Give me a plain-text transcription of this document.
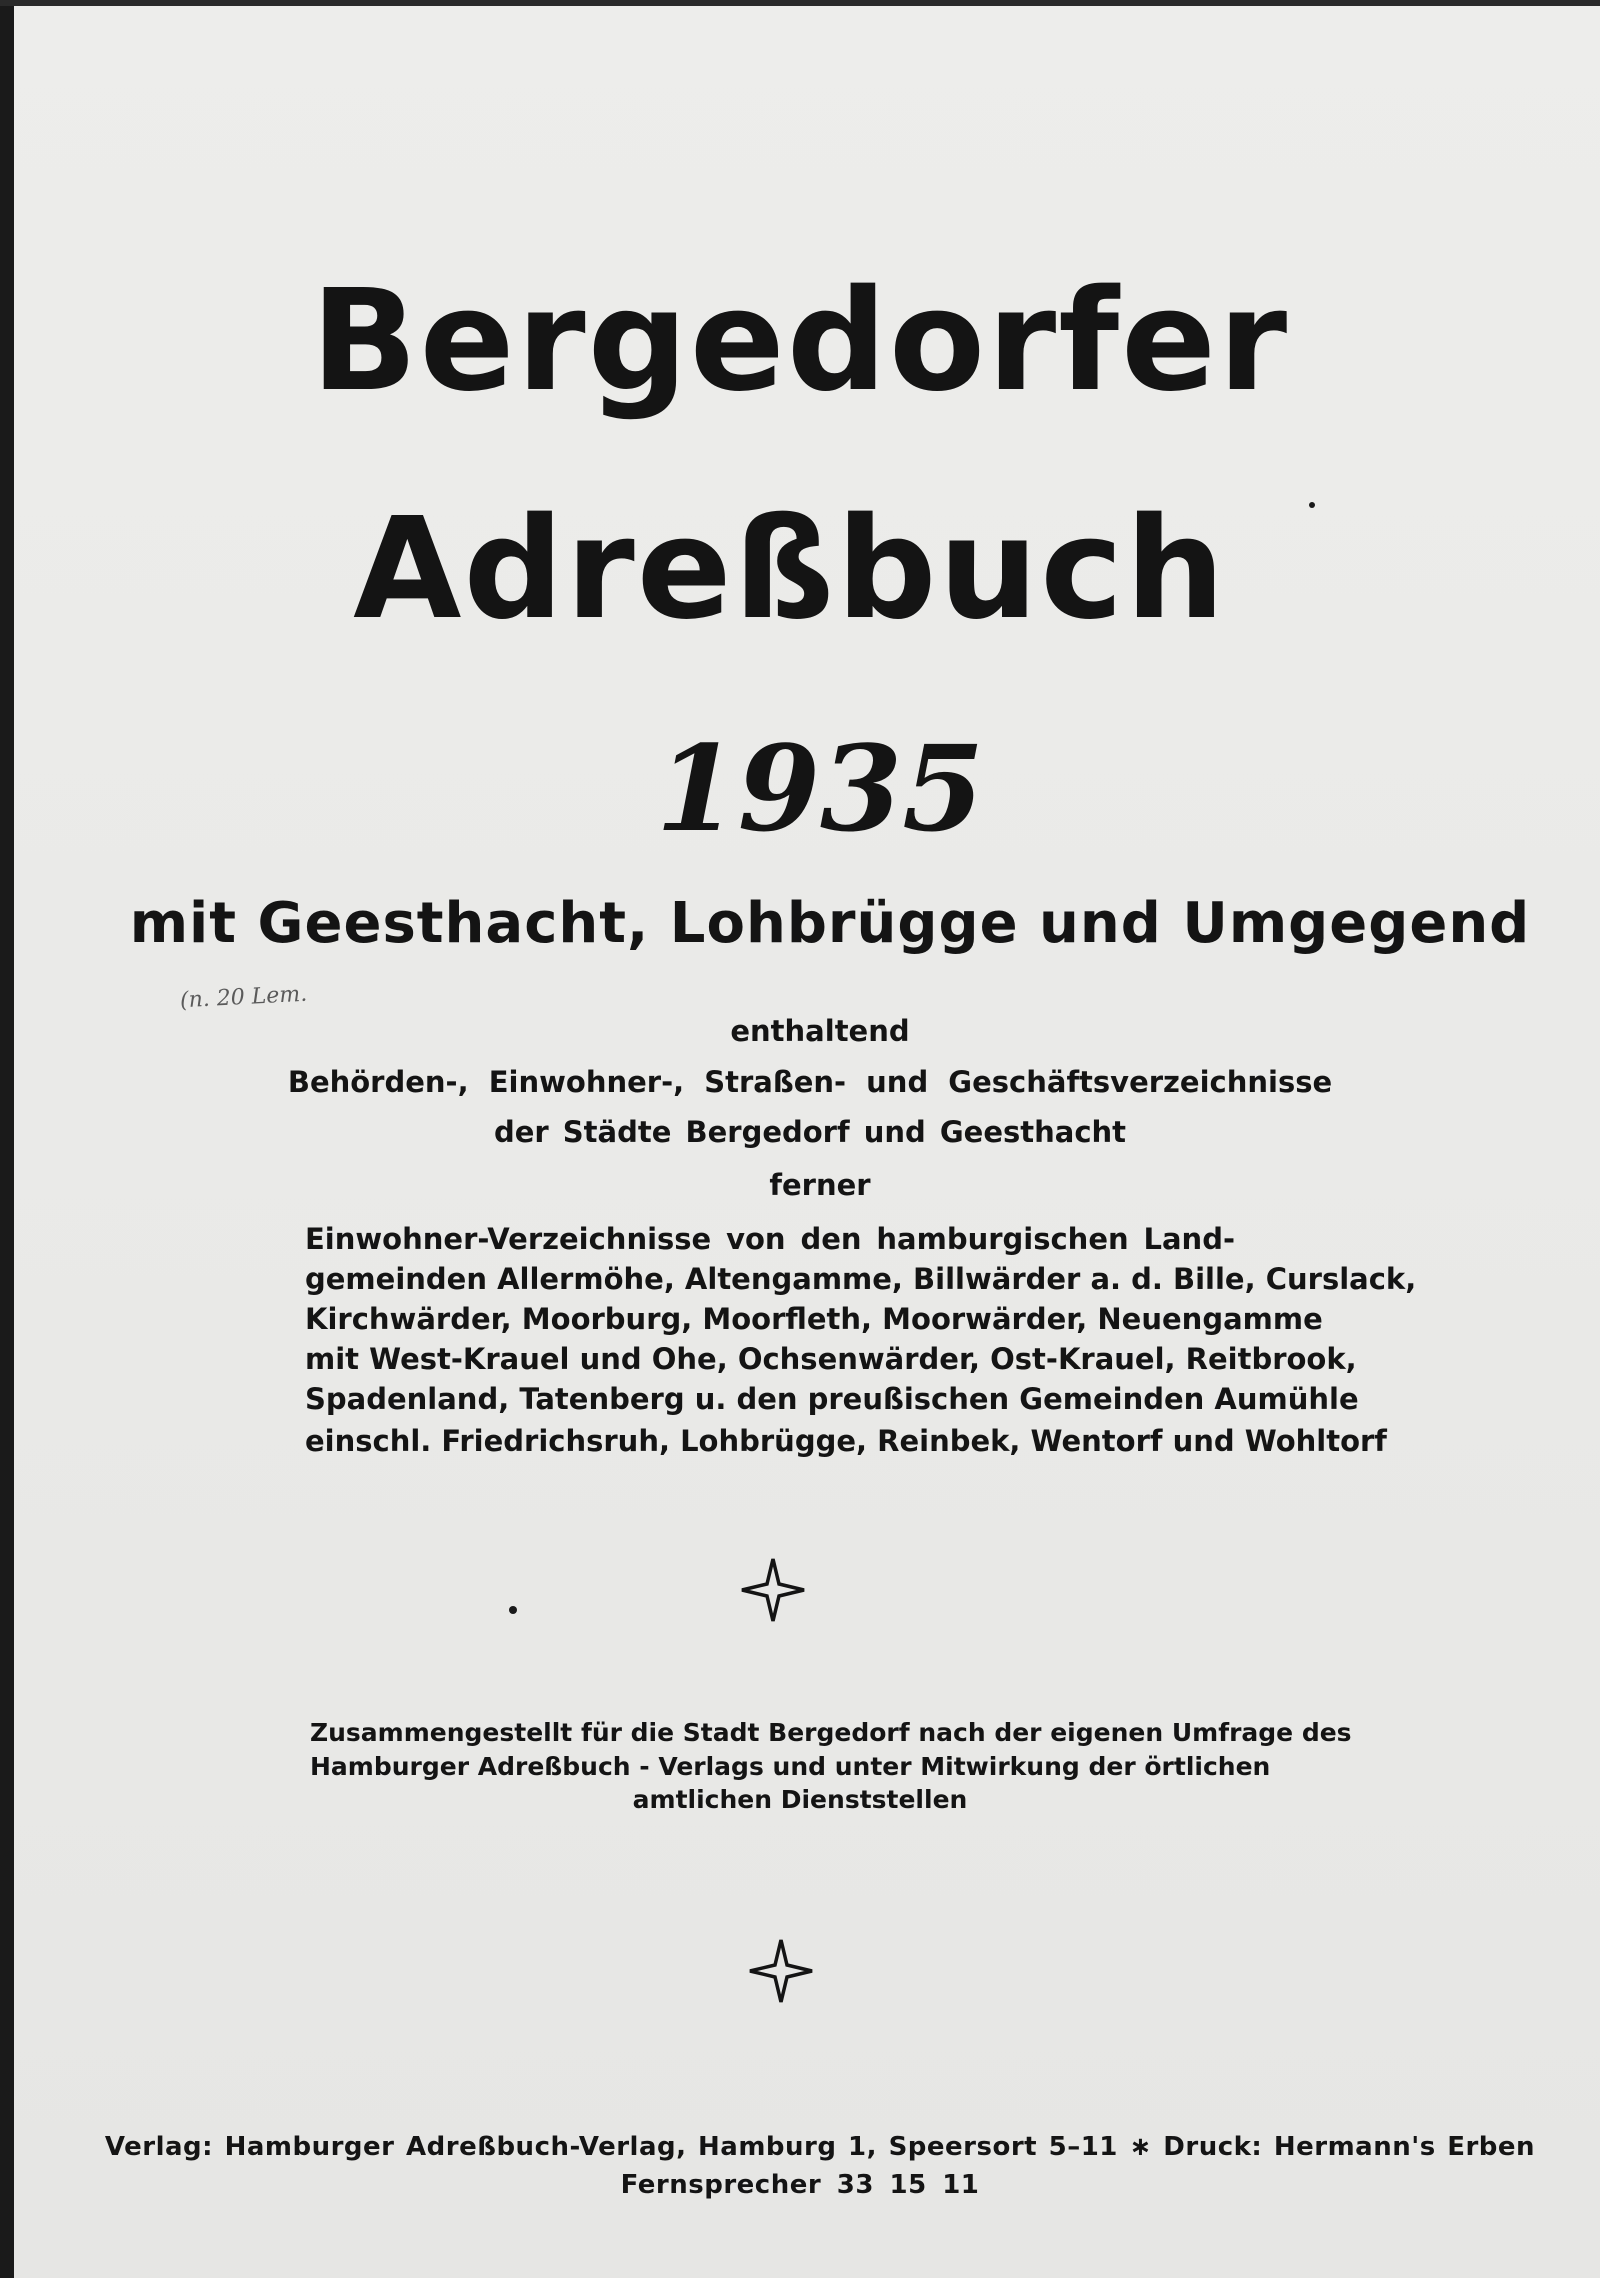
Bergedorfer
Adreßbuch
1935
mit Geesthacht, Lohbrügge und Umgegend
(n. 20 Lem.
enthaltend
Behörden-, Einwohner-, Straßen- und Geschäftsverzeichnisse
der Städte Bergedorf und Geesthacht
ferner
Einwohner-Verzeichnisse von den hamburgischen Land-
gemeinden Allermöhe, Altengamme, Billwärder a. d. Bille, Curslack,
Kirchwärder, Moorburg, Moorfleth, Moorwärder, Neuengamme
mit West-Krauel und Ohe, Ochsenwärder, Ost-Krauel, Reitbrook,
Spadenland, Tatenberg u. den preußischen Gemeinden Aumühle
einschl. Friedrichsruh, Lohbrügge, Reinbek, Wentorf und Wohltorf
Zusammengestellt für die Stadt Bergedorf nach der eigenen Umfrage des
Hamburger Adreßbuch - Verlags und unter Mitwirkung der örtlichen
amtlichen Dienststellen
Verlag: Hamburger Adreßbuch-Verlag, Hamburg 1, Speersort 5–11 ∗ Druck: Hermann's Erben
Fernsprecher 33 15 11
